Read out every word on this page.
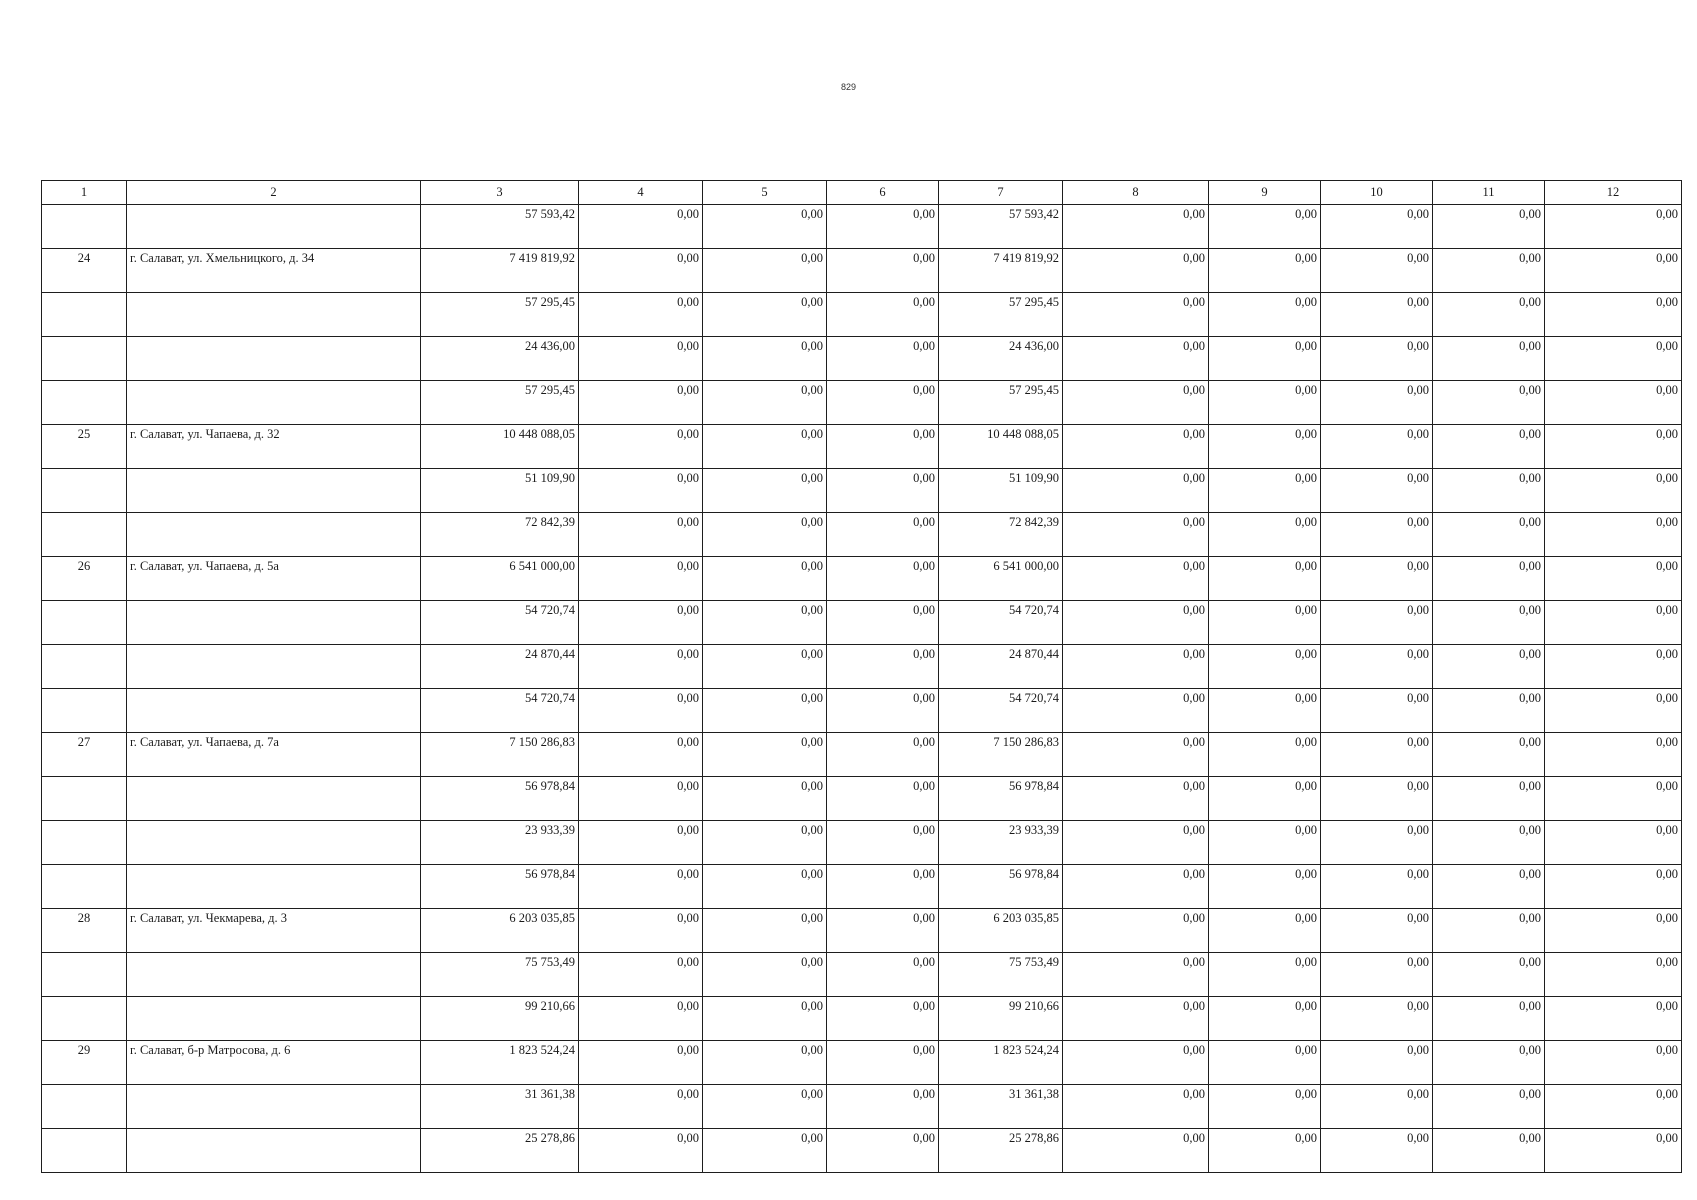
829
1	2	3	4	5	6	7	8	9	10	11	12
		57 593,42	0,00	0,00	0,00	57 593,42	0,00	0,00	0,00	0,00	0,00
24	г. Салават, ул. Хмельницкого, д. 34	7 419 819,92	0,00	0,00	0,00	7 419 819,92	0,00	0,00	0,00	0,00	0,00
		57 295,45	0,00	0,00	0,00	57 295,45	0,00	0,00	0,00	0,00	0,00
		24 436,00	0,00	0,00	0,00	24 436,00	0,00	0,00	0,00	0,00	0,00
		57 295,45	0,00	0,00	0,00	57 295,45	0,00	0,00	0,00	0,00	0,00
25	г. Салават, ул. Чапаева, д. 32	10 448 088,05	0,00	0,00	0,00	10 448 088,05	0,00	0,00	0,00	0,00	0,00
		51 109,90	0,00	0,00	0,00	51 109,90	0,00	0,00	0,00	0,00	0,00
		72 842,39	0,00	0,00	0,00	72 842,39	0,00	0,00	0,00	0,00	0,00
26	г. Салават, ул. Чапаева, д. 5а	6 541 000,00	0,00	0,00	0,00	6 541 000,00	0,00	0,00	0,00	0,00	0,00
		54 720,74	0,00	0,00	0,00	54 720,74	0,00	0,00	0,00	0,00	0,00
		24 870,44	0,00	0,00	0,00	24 870,44	0,00	0,00	0,00	0,00	0,00
		54 720,74	0,00	0,00	0,00	54 720,74	0,00	0,00	0,00	0,00	0,00
27	г. Салават, ул. Чапаева, д. 7а	7 150 286,83	0,00	0,00	0,00	7 150 286,83	0,00	0,00	0,00	0,00	0,00
		56 978,84	0,00	0,00	0,00	56 978,84	0,00	0,00	0,00	0,00	0,00
		23 933,39	0,00	0,00	0,00	23 933,39	0,00	0,00	0,00	0,00	0,00
		56 978,84	0,00	0,00	0,00	56 978,84	0,00	0,00	0,00	0,00	0,00
28	г. Салават, ул. Чекмарева, д. 3	6 203 035,85	0,00	0,00	0,00	6 203 035,85	0,00	0,00	0,00	0,00	0,00
		75 753,49	0,00	0,00	0,00	75 753,49	0,00	0,00	0,00	0,00	0,00
		99 210,66	0,00	0,00	0,00	99 210,66	0,00	0,00	0,00	0,00	0,00
29	г. Салават, б-р Матросова, д. 6	1 823 524,24	0,00	0,00	0,00	1 823 524,24	0,00	0,00	0,00	0,00	0,00
		31 361,38	0,00	0,00	0,00	31 361,38	0,00	0,00	0,00	0,00	0,00
		25 278,86	0,00	0,00	0,00	25 278,86	0,00	0,00	0,00	0,00	0,00
